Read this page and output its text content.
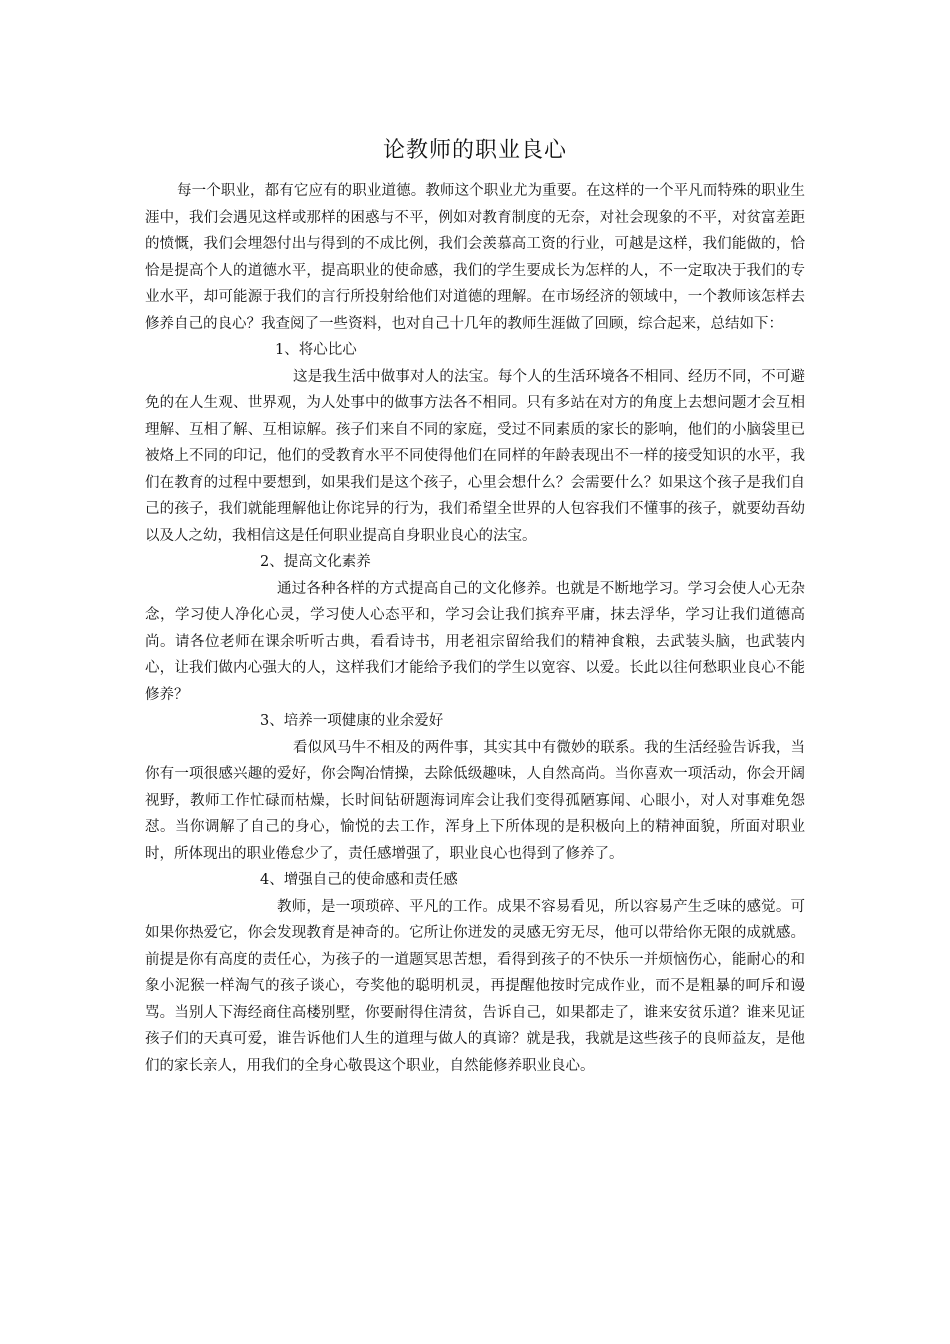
论教师的职业良心

每一个职业，都有它应有的职业道德。教师这个职业尤为重要。在这样的一个平凡而特殊的职业生涯中，我们会遇见这样或那样的困惑与不平，例如对教育制度的无奈，对社会现象的不平，对贫富差距的愤慨，我们会埋怨付出与得到的不成比例，我们会羡慕高工资的行业，可越是这样，我们能做的，恰恰是提高个人的道德水平，提高职业的使命感，我们的学生要成长为怎样的人，不一定取决于我们的专业水平，却可能源于我们的言行所投射给他们对道德的理解。在市场经济的领域中，一个教师该怎样去修养自己的良心？我查阅了一些资料，也对自己十几年的教师生涯做了回顾，综合起来，总结如下：

1、将心比心

这是我生活中做事对人的法宝。每个人的生活环境各不相同、经历不同，不可避免的在人生观、世界观，为人处事中的做事方法各不相同。只有多站在对方的角度上去想问题才会互相理解、互相了解、互相谅解。孩子们来自不同的家庭，受过不同素质的家长的影响，他们的小脑袋里已被烙上不同的印记，他们的受教育水平不同使得他们在同样的年龄表现出不一样的接受知识的水平，我们在教育的过程中要想到，如果我们是这个孩子，心里会想什么？会需要什么？如果这个孩子是我们自己的孩子，我们就能理解他让你诧异的行为，我们希望全世界的人包容我们不懂事的孩子，就要幼吾幼以及人之幼，我相信这是任何职业提高自身职业良心的法宝。

2、提高文化素养

通过各种各样的方式提高自己的文化修养。也就是不断地学习。学习会使人心无杂念，学习使人净化心灵，学习使人心态平和，学习会让我们摈弃平庸，抹去浮华，学习让我们道德高尚。请各位老师在课余听听古典，看看诗书，用老祖宗留给我们的精神食粮，去武装头脑，也武装内心，让我们做内心强大的人，这样我们才能给予我们的学生以宽容、以爱。长此以往何愁职业良心不能修养？

3、培养一项健康的业余爱好

看似风马牛不相及的两件事，其实其中有微妙的联系。我的生活经验告诉我，当你有一项很感兴趣的爱好，你会陶冶情操，去除低级趣味，人自然高尚。当你喜欢一项活动，你会开阔视野，教师工作忙碌而枯燥，长时间钻研题海词库会让我们变得孤陋寡闻、心眼小，对人对事难免怨怼。当你调解了自己的身心，愉悦的去工作，浑身上下所体现的是积极向上的精神面貌，所面对职业时，所体现出的职业倦怠少了，责任感增强了，职业良心也得到了修养了。

4、增强自己的使命感和责任感

教师，是一项琐碎、平凡的工作。成果不容易看见，所以容易产生乏味的感觉。可如果你热爱它，你会发现教育是神奇的。它所让你迸发的灵感无穷无尽，他可以带给你无限的成就感。前提是你有高度的责任心，为孩子的一道题冥思苦想，看得到孩子的不快乐一并烦恼伤心，能耐心的和象小泥猴一样淘气的孩子谈心，夸奖他的聪明机灵，再提醒他按时完成作业，而不是粗暴的呵斥和谩骂。当别人下海经商住高楼别墅，你要耐得住清贫，告诉自己，如果都走了，谁来安贫乐道？谁来见证孩子们的天真可爱，谁告诉他们人生的道理与做人的真谛？就是我，我就是这些孩子的良师益友，是他们的家长亲人，用我们的全身心敬畏这个职业，自然能修养职业良心。
